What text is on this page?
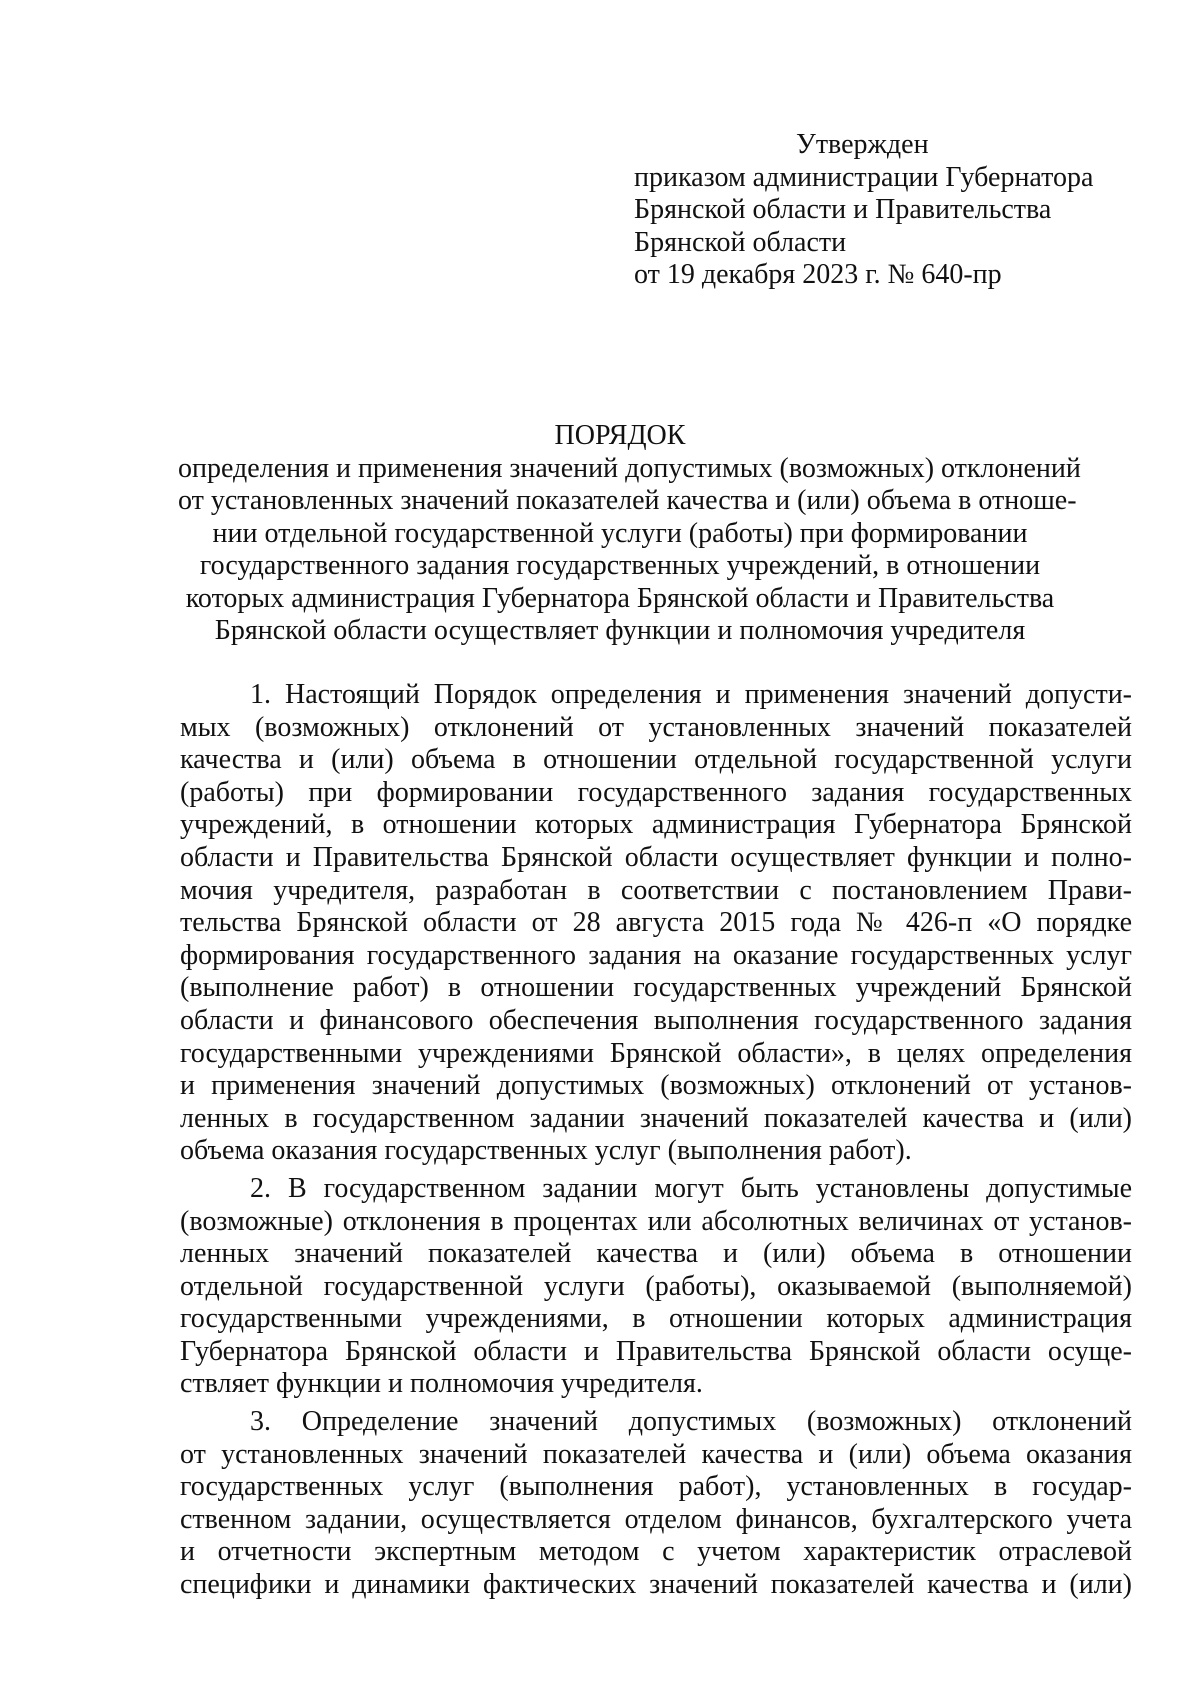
Утвержден
приказом администрации Губернатора
Брянской области и Правительства
Брянской области
от 19 декабря 2023 г. № 640-пр
ПОРЯДОК
определения и применения значений допустимых (возможных) отклонений
от установленных значений показателей качества и (или) объема в отноше-
нии отдельной государственной услуги (работы) при формировании
государственного задания государственных учреждений, в отношении
которых администрация Губернатора Брянской области и Правительства
Брянской области осуществляет функции и полномочия учредителя
1. Настоящий Порядок определения и применения значений допусти-
мых (возможных) отклонений от установленных значений показателей
качества и (или) объема в отношении отдельной государственной услуги
(работы) при формировании государственного задания государственных
учреждений, в отношении которых администрация Губернатора Брянской
области и Правительства Брянской области осуществляет функции и полно-
мочия учредителя, разработан в соответствии с постановлением Прави-
тельства Брянской области от 28 августа 2015 года № 426-п «О порядке
формирования государственного задания на оказание государственных услуг
(выполнение работ) в отношении государственных учреждений Брянской
области и финансового обеспечения выполнения государственного задания
государственными учреждениями Брянской области», в целях определения
и применения значений допустимых (возможных) отклонений от установ-
ленных в государственном задании значений показателей качества и (или)
объема оказания государственных услуг (выполнения работ).
2. В государственном задании могут быть установлены допустимые
(возможные) отклонения в процентах или абсолютных величинах от установ-
ленных значений показателей качества и (или) объема в отношении
отдельной государственной услуги (работы), оказываемой (выполняемой)
государственными учреждениями, в отношении которых администрация
Губернатора Брянской области и Правительства Брянской области осуще-
ствляет функции и полномочия учредителя.
3. Определение значений допустимых (возможных) отклонений
от установленных значений показателей качества и (или) объема оказания
государственных услуг (выполнения работ), установленных в государ-
ственном задании, осуществляется отделом финансов, бухгалтерского учета
и отчетности экспертным методом с учетом характеристик отраслевой
специфики и динамики фактических значений показателей качества и (или)
